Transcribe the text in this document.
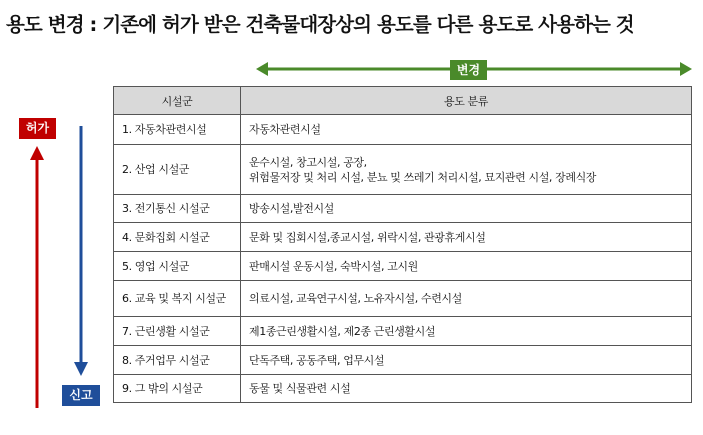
용도 변경 : 기존에 허가 받은 건축물대장상의 용도를 다른 용도로 사용하는 것
변경
허가
신고
시설군	용도 분류
1. 자동차관련시설	자동차관련시설
2. 산업 시설군	운수시설, 창고시설, 공장,
위험물저장 및 처리 시설, 분뇨 및 쓰레기 처리시설, 묘지관련 시설, 장례식장
3. 전기통신 시설군	방송시설,발전시설
4. 문화집회 시설군	문화 및 집회시설,종교시설, 위락시설, 관광휴게시설
5. 영업 시설군	판매시설 운동시설, 숙박시설, 고시원
6. 교육 및 복지 시설군	의료시설, 교육연구시설, 노유자시설, 수련시설
7. 근린생활 시설군	제1종근린생활시설, 제2종 근린생활시설
8. 주거업무 시설군	단독주택, 공동주택, 업무시설
9. 그 밖의 시설군	동물 및 식물관련 시설
